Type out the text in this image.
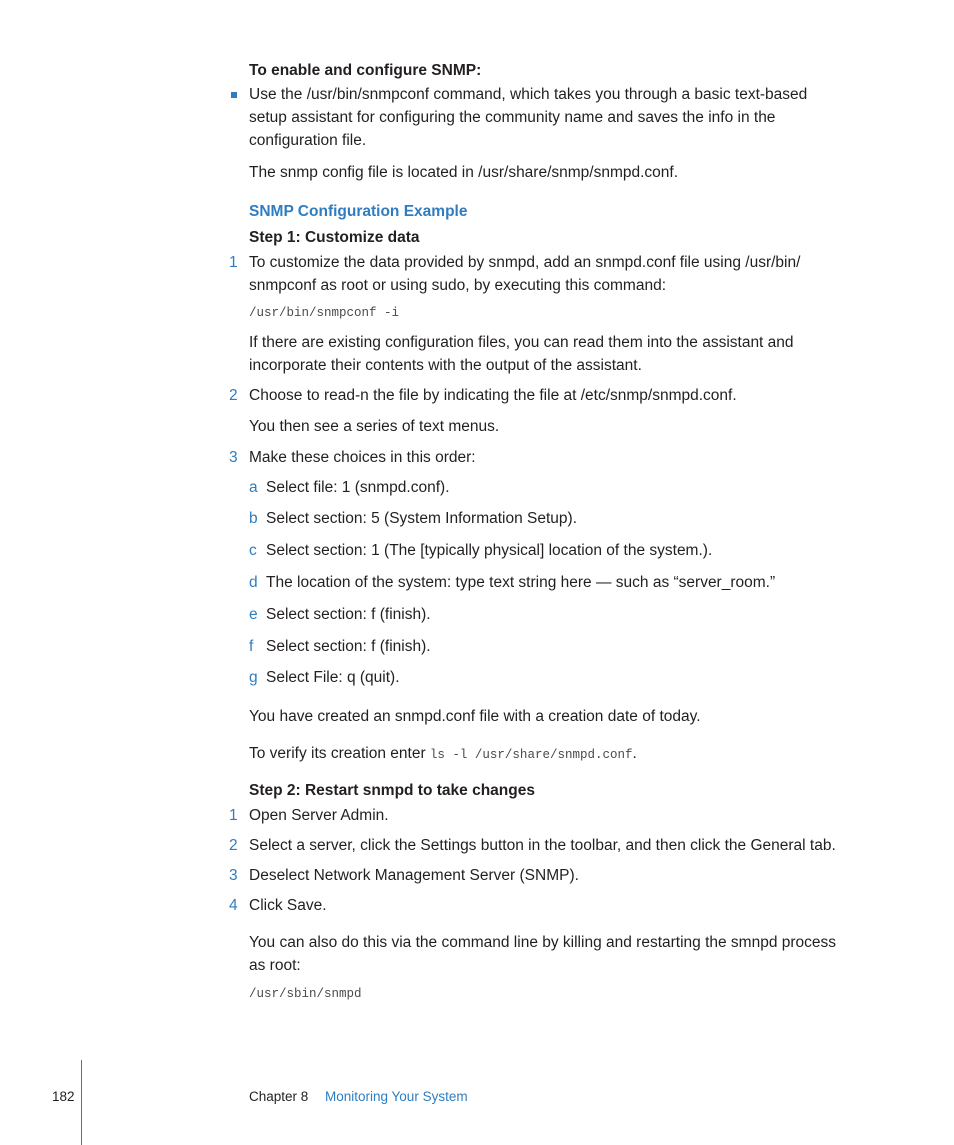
To enable and configure SNMP:
Use the /usr/bin/snmpconf command, which takes you through a basic text-based
setup assistant for configuring the community name and saves the info in the
configuration file.
The snmp config file is located in /usr/share/snmp/snmpd.conf.
SNMP Configuration Example
Step 1: Customize data
1 To customize the data provided by snmpd, add an snmpd.conf file using /usr/bin/
snmpconf as root or using sudo, by executing this command:
/usr/bin/snmpconf -i
If there are existing configuration files, you can read them into the assistant and
incorporate their contents with the output of the assistant.
2 Choose to read-n the file by indicating the file at /etc/snmp/snmpd.conf.
You then see a series of text menus.
3 Make these choices in this order:
a Select file: 1 (snmpd.conf).
b Select section: 5 (System Information Setup).
c Select section: 1 (The [typically physical] location of the system.).
d The location of the system: type text string here — such as “server_room.”
e Select section: f (finish).
f Select section: f (finish).
g Select File: q (quit).
You have created an snmpd.conf file with a creation date of today.
To verify its creation enter ls -l /usr/share/snmpd.conf.
Step 2: Restart snmpd to take changes
1 Open Server Admin.
2 Select a server, click the Settings button in the toolbar, and then click the General tab.
3 Deselect Network Management Server (SNMP).
4 Click Save.
You can also do this via the command line by killing and restarting the smnpd process
as root:
/usr/sbin/snmpd
182	Chapter 8 Monitoring Your System
